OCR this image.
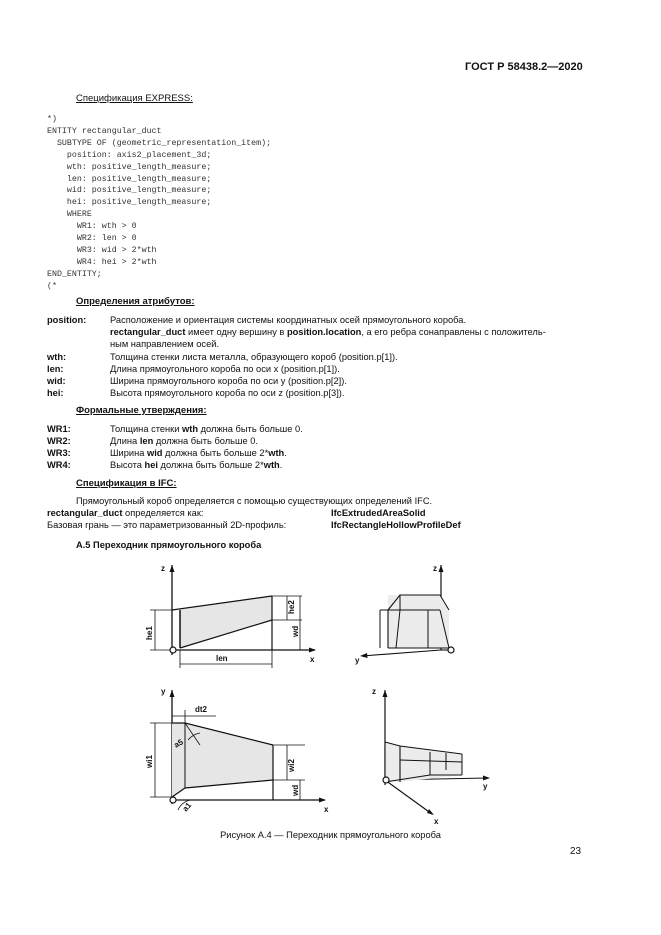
ГОСТ Р 58438.2—2020
Спецификация EXPRESS:
*)
ENTITY rectangular_duct
SUBTYPE OF (geometric_representation_item);
position: axis2_placement_3d;
wth: positive_length_measure;
len: positive_length_measure;
wid: positive_length_measure;
hei: positive_length_measure;
WHERE
WR1: wth > 0
WR2: len > 0
WR3: wid > 2*wth
WR4: hei > 2*wth
END_ENTITY;
(*
Определения атрибутов:
position:	Расположение и ориентация системы координатных осей прямоугольного короба.
rectangular_duct имеет одну вершину в position.location, а его ребра сонаправлены с положитель-
ным направлением осей.
wth:	Толщина стенки листа металла, образующего короб (position.p[1]).
len:	Длина прямоугольного короба по оси x (position.p[1]).
wid:	Ширина прямоугольного короба по оси y (position.p[2]).
hei:	Высота прямоугольного короба по оси z (position.p[3]).
Формальные утверждения:
WR1:	Толщина стенки wth должна быть больше 0.
WR2:	Длина len должна быть больше 0.
WR3:	Ширина wid должна быть больше 2*wth.
WR4:	Высота hei должна быть больше 2*wth.
Спецификация в IFC:
Прямоугольный короб определяется с помощью существующих определений IFC.
rectangular_duct определяется как:	IfcExtrudedAreaSolid
Базовая грань — это параметризованный 2D-профиль:	IfcRectangleHollowProfileDef
А.5 Переходник прямоугольного короба
z
x
he1
he2
wd
len
z
y
y
x
wi1	wi2
wd
dt2
a5
a1
z
y
x
Рисунок А.4 — Переходник прямоугольного короба
23
